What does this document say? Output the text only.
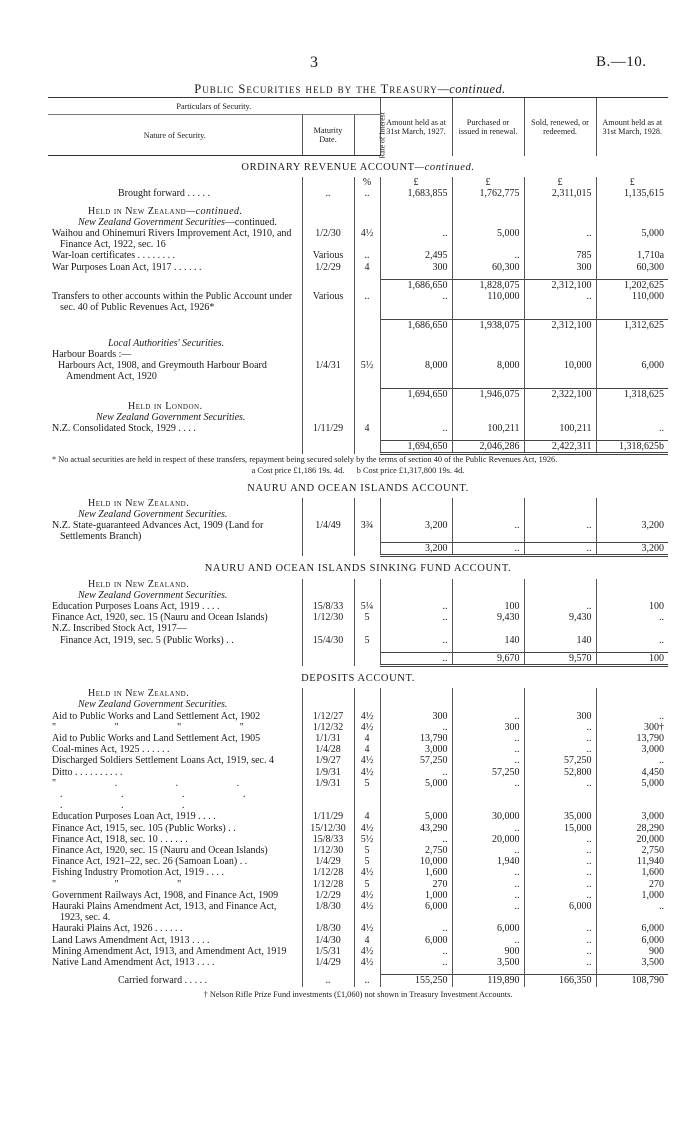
3	B.—10.
Public Securities held by the Treasury—continued.
Particulars of Security.			Amount held as at 31st March, 1927.	Purchased or issued in renewal.	Sold, renewed, or redeemed.	Amount held as at 31st March, 1928.
Nature of Security.	Maturity Date.	Rate of Interest				
ORDINARY REVENUE ACCOUNT—continued.						
		%	£	£	£	£
Brought forward . . . . .	..	..	1,683,855	1,762,775	2,311,015	1,135,615

Held in New Zealand—continued.						
New Zealand Government Securities—continued.						
Waihou and Ohinemuri Rivers Improvement Act, 1910, and Finance Act, 1922, sec. 16	1/2/30	4½	..	5,000	..	5,000
War-loan certificates . . . . . . . .	Various	..	2,495	..	785	1,710a
War Purposes Loan Act, 1917 . . . . . .	1/2/29	4	300	60,300	300	60,300

			1,686,650	1,828,075	2,312,100	1,202,625
Transfers to other accounts within the Public Account under sec. 40 of Public Revenues Act, 1926*	Various	..	..	110,000	..	110,000

			1,686,650	1,938,075	2,312,100	1,312,625

Local Authorities' Securities.						
Harbour Boards :—						
Harbours Act, 1908, and Greymouth Harbour Board Amendment Act, 1920	1/4/31	5½	8,000	8,000	10,000	6,000

			1,694,650	1,946,075	2,322,100	1,318,625
Held in London.						
New Zealand Government Securities.						
N.Z. Consolidated Stock, 1929 . . . .	1/11/29	4	..	100,211	100,211	..

			1,694,650	2,046,286	2,422,311	1,318,625b
* No actual securities are held in respect of these transfers, repayment being secured solely by the terms of section 40 of the Public Revenues Act, 1926.						
a Cost price £1,186 19s. 4d. b Cost price £1,317,800 19s. 4d.						
NAURU AND OCEAN ISLANDS ACCOUNT.						
Held in New Zealand.						
New Zealand Government Securities.						
N.Z. State-guaranteed Advances Act, 1909 (Land for Settlements Branch)	1/4/49	3¾	3,200	..	..	3,200
			3,200	..	..	3,200
NAURU AND OCEAN ISLANDS SINKING FUND ACCOUNT.						
Held in New Zealand.						
New Zealand Government Securities.						
Education Purposes Loans Act, 1919 . . . .	15/8/33	5¼	..	100	..	100
Finance Act, 1920, sec. 15 (Nauru and Ocean Islands)	1/12/30	5	..	9,430	9,430	..
N.Z. Inscribed Stock Act, 1917—						
Finance Act, 1919, sec. 5 (Public Works) . .	15/4/30	5	..	140	140	..

			..	9,670	9,570	100
DEPOSITS ACCOUNT.						
Held in New Zealand.						
New Zealand Government Securities.						
Aid to Public Works and Land Settlement Act, 1902	1/12/27	4½	300	..	300	..
" " " "	1/12/32	4½	..	300	..	300†
Aid to Public Works and Land Settlement Act, 1905	1/1/31	4	13,790	..	..	13,790
Coal-mines Act, 1925 . . . . . .	1/4/28	4	3,000	..	..	3,000
Discharged Soldiers Settlement Loans Act, 1919, sec. 4	1/9/27	4½	57,250	..	57,250	..
Ditto . . . . . . . . . .	1/9/31	4½	..	57,250	52,800	4,450
" . . . . . . . . . .	1/9/31	5	5,000	..	..	5,000
Education Purposes Loan Act, 1919 . . . .	1/11/29	4	5,000	30,000	35,000	3,000
Finance Act, 1915, sec. 105 (Public Works) . .	15/12/30	4½	43,290	..	15,000	28,290
Finance Act, 1918, sec. 10 . . . . . .	15/8/33	5½	..	20,000	..	20,000
Finance Act, 1920, sec. 15 (Nauru and Ocean Islands)	1/12/30	5	2,750	..	..	2,750
Finance Act, 1921–22, sec. 26 (Samoan Loan) . .	1/4/29	5	10,000	1,940	..	11,940
Fishing Industry Promotion Act, 1919 . . . .	1/12/28	4½	1,600	..	..	1,600
" " "	1/12/28	5	270	..	..	270
Government Railways Act, 1908, and Finance Act, 1909	1/2/29	4½	1,000	..	..	1,000
Hauraki Plains Amendment Act, 1913, and Finance Act, 1923, sec. 4.	1/8/30	4½	6,000	..	6,000	..
Hauraki Plains Act, 1926 . . . . . .	1/8/30	4½	..	6,000	..	6,000
Land Laws Amendment Act, 1913 . . . .	1/4/30	4	6,000	..	..	6,000
Mining Amendment Act, 1913, and Amendment Act, 1919	1/5/31	4½	..	900	..	900
Native Land Amendment Act, 1913 . . . .	1/4/29	4½	..	3,500	..	3,500

Carried forward . . . . .	..	..	155,250	119,890	166,350	108,790
† Nelson Rifle Prize Fund investments (£1,060) not shown in Treasury Investment Accounts.						
